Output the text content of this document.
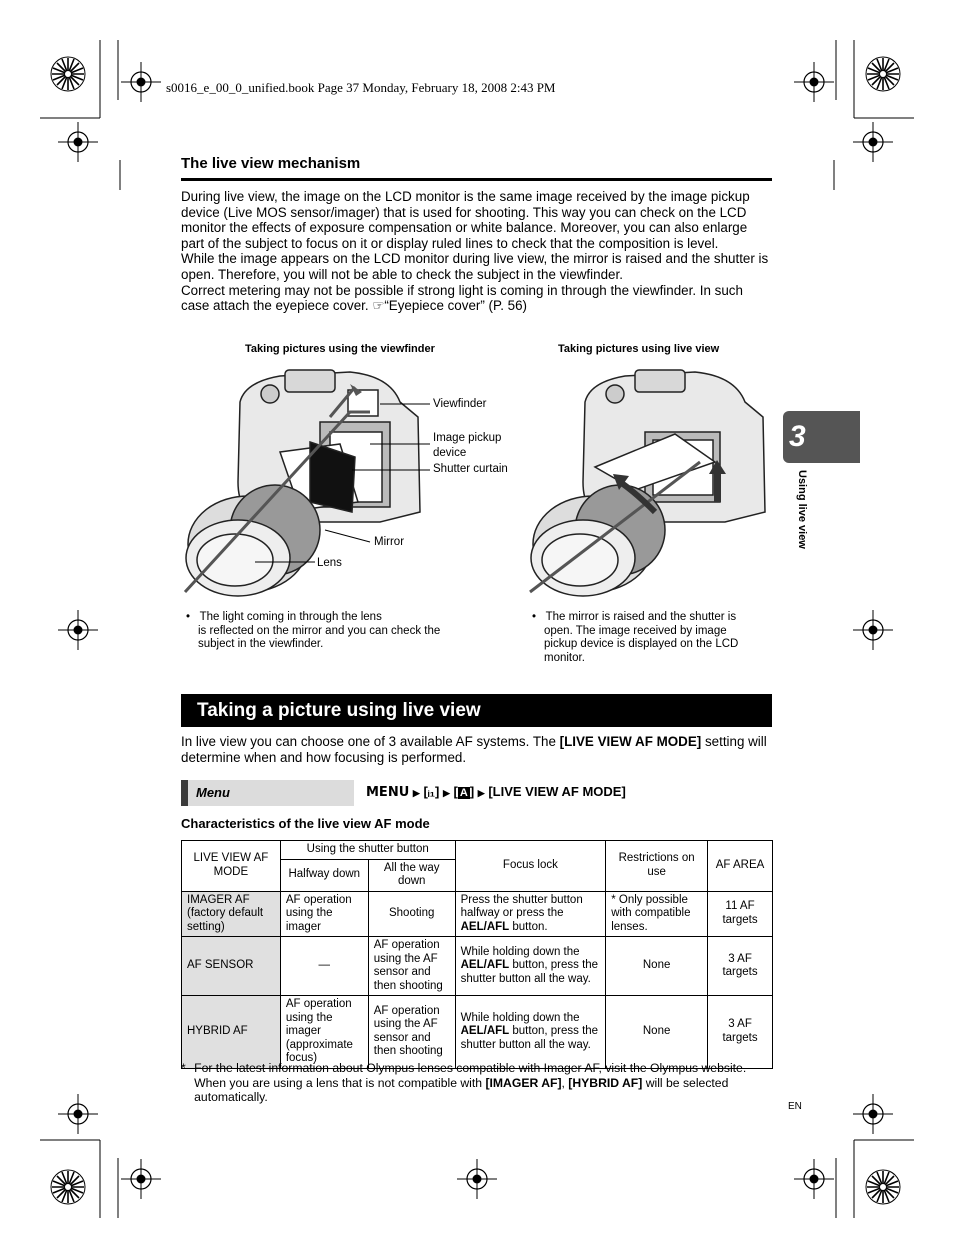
s0016_e_00_0_unified.book Page 37 Monday, February 18, 2008 2:43 PM
The live view mechanism

During live view, the image on the LCD monitor is the same image received by the image pickup device (Live MOS sensor/imager) that is used for shooting. This way you can check on the LCD monitor the effects of exposure compensation or white balance. Moreover, you can also enlarge part of the subject to focus on it or display ruled lines to check that the composition is level.

While the image appears on the LCD monitor during live view, the mirror is raised and the shutter is open. Therefore, you will not be able to check the subject in the viewfinder.

Correct metering may not be possible if strong light is coming in through the viewfinder. In such case attach the eyepiece cover. ☞“Eyepiece cover” (P. 56)

Taking pictures using the viewfinder	Taking pictures using live view
Viewfinder
Image pickup
device
Shutter curtain
Mirror
Lens
•   The light coming in through the lens
is reflected on the mirror and you can check the
subject in the viewfinder.
•   The mirror is raised and the shutter is
open. The image received by image
pickup device is displayed on the LCD
monitor.
Taking a picture using live view
In live view you can choose one of 3 available AF systems. The [LIVE VIEW AF MODE] setting will determine when and how focusing is performed.
Menu	MENU ▶ [ᵢ₁] ▶ [ A ] ▶ [LIVE VIEW AF MODE]
Characteristics of the live view AF mode
LIVE VIEW AF MODE	Using the shutter button		Focus lock	Restrictions on use	AF AREA
	Halfway down	All the way down			
IMAGER AF (factory default setting)	AF operation using the imager	Shooting	Press the shutter button halfway or press the AEL/AFL button.	* Only possible with compatible lenses.	11 AF targets
AF SENSOR	—	AF operation using the AF sensor and then shooting	While holding down the AEL/AFL button, press the shutter button all the way.	None	3 AF targets
HYBRID AF	AF operation using the imager (approximate focus)	AF operation using the AF sensor and then shooting	While holding down the AEL/AFL button, press the shutter button all the way.	None	3 AF targets
* For the latest information about Olympus lenses compatible with Imager AF, visit the Olympus website. When you are using a lens that is not compatible with [IMAGER AF], [HYBRID AF] will be selected automatically.
3
Using live view
EN
